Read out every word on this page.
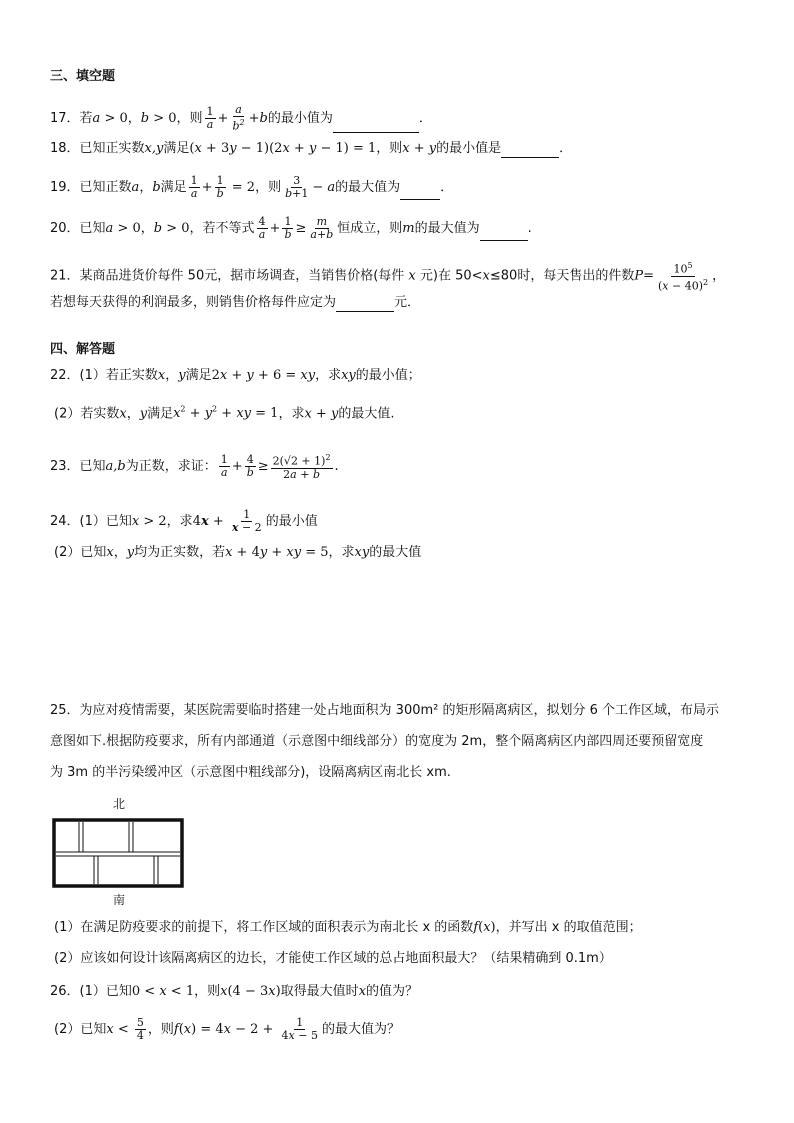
三、填空题
17．若a > 0，b > 0，则 $\frac{1}{a} + \frac{a}{b^2} +b$的最小值为	．
18．已知正实数x,y满足(x + 3y − 1)(2x + y − 1) = 1，则x + y的最小值是	．
19．已知正数a，b满足 $\frac{1}{a} + \frac{1}{b} = 2$，则 $\frac{3}{b+1} - a$的最大值为	．
20．已知a > 0，b > 0，若不等式 $\frac{4}{a} + \frac{1}{b} \ge \frac{m}{a+b}$ 恒成立，则m的最大值为	.
21．某商品进货价每件 50元，据市场调查，当销售价格(每件 x 元)在 50<x≤80时，每天售出的件数$P= \frac{10^5}{(x - 40)^2}$ ，
若想每天获得的利润最多，则销售价格每件应定为	元．
四、解答题
22．(1）若正实数x，y满足2x + y + 6 = xy，求xy的最小值；
(2）若实数x，y满足$x^2 + y^2$ + xy = 1，求x + y的最大值.
23．已知a,b为正数，求证： $\frac{1}{a} + \frac{4}{b} \ge \frac{2(√2 + 1)^2}{2a + b}$ .
24．(1）已知x > 2，求$4x + \frac{1}{x - 2}$ 的最小值
(2）已知x，y均为正实数，若x + 4y + xy = 5，求xy的最大值
25．为应对疫情需要，某医院需要临时搭建一处占地面积为 300m² 的矩形隔离病区，拟划分 6 个工作区域，布局示
意图如下.根据防疫要求，所有内部通道（示意图中细线部分）的宽度为 2m，整个隔离病区内部四周还要预留宽度
为 3m 的半污染缓冲区（示意图中粗线部分)，设隔离病区南北长 xm.
北
南
(1）在满足防疫要求的前提下，将工作区域的面积表示为南北长 x 的函数f(x)，并写出 x 的取值范围；
(2）应该如何设计该隔离病区的边长，才能使工作区域的总占地面积最大？（结果精确到 0.1m）
26．(1）已知0 < x < 1，则x(4 − 3x)取得最大值时x的值为？
(2）已知$x < \frac{5}{4}$ ，则$f(x) = 4x - 2 + \frac{1}{4x - 5}$ 的最大值为？
